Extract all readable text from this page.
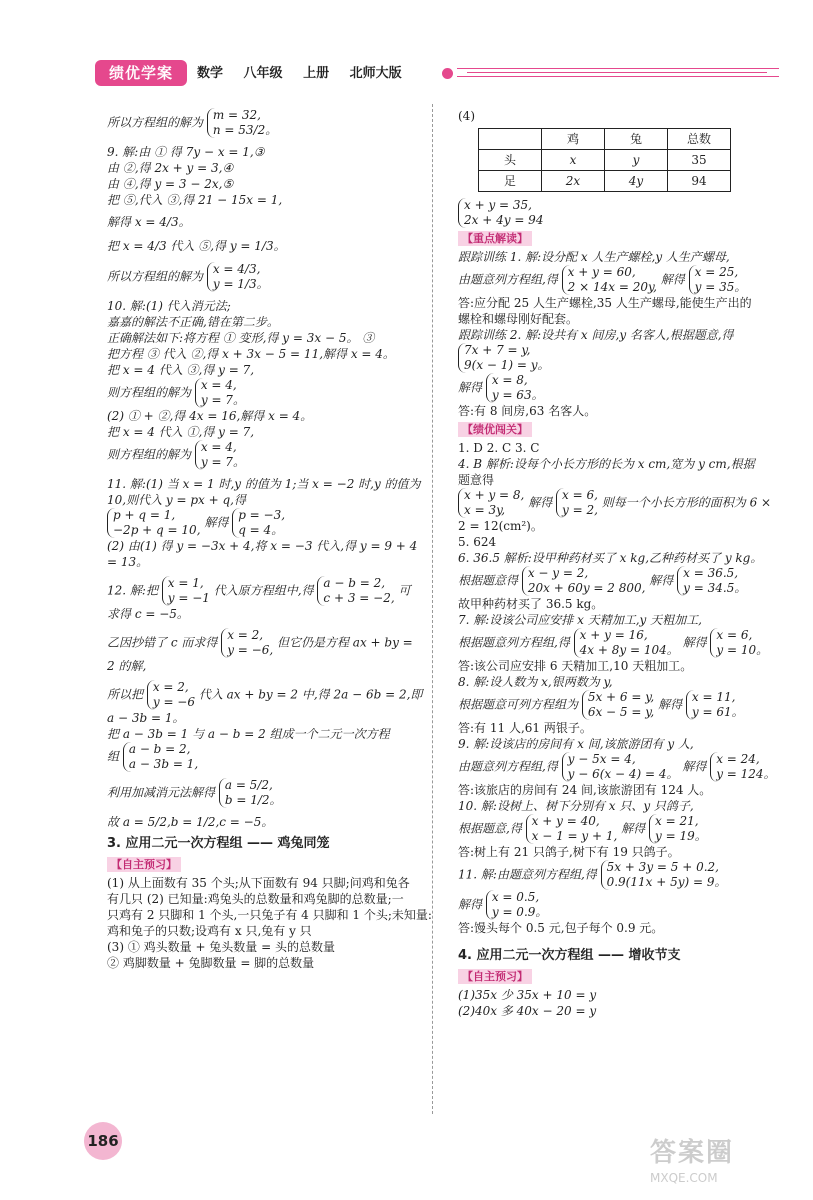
绩优学案	数学 八年级 上册 北师大版
所以方程组的解为
m = 32,
n = 53/2。
9. 解:由 ① 得 7y − x = 1,③
由 ②,得 2x + y = 3,④
由 ④,得 y = 3 − 2x,⑤
把 ⑤,代入 ③,得 21 − 15x = 1,
解得 x = 4/3。
把 x = 4/3 代入 ⑤,得 y = 1/3。
所以方程组的解为
x = 4/3,
y = 1/3。
10. 解:(1) 代入消元法;
嘉嘉的解法不正确,错在第二步。
正确解法如下:将方程 ① 变形,得 y = 3x − 5。 ③
把方程 ③ 代入 ②,得 x + 3x − 5 = 11,解得 x = 4。
把 x = 4 代入 ③,得 y = 7,
则方程组的解为
x = 4,
y = 7。
(2) ① + ②,得 4x = 16,解得 x = 4。
把 x = 4 代入 ①,得 y = 7,
则方程组的解为
x = 4,
y = 7。
11. 解:(1) 当 x = 1 时,y 的值为 1;当 x = −2 时,y 的值为
10,则代入 y = px + q,得
p + q = 1,
−2p + q = 10,
解得
p = −3,
q = 4。
(2) 由(1) 得 y = −3x + 4,将 x = −3 代入,得 y = 9 + 4
= 13。
12. 解:把
x = 1,
y = −1
代入原方程组中,得
a − b = 2,
c + 3 = −2,
可
求得 c = −5。
乙因抄错了 c 而求得
x = 2,
y = −6,
但它仍是方程 ax + by =
2 的解,
所以把
x = 2,
y = −6
代入 ax + by = 2 中,得 2a − 6b = 2,即
a − 3b = 1。
把 a − 3b = 1 与 a − b = 2 组成一个二元一次方程
组
a − b = 2,
a − 3b = 1,
利用加减消元法解得
a = 5/2,
b = 1/2。
故 a = 5/2,b = 1/2,c = −5。
3. 应用二元一次方程组 —— 鸡兔同笼
【自主预习】
(1) 从上面数有 35 个头;从下面数有 94 只脚;问鸡和兔各
有几只 (2) 已知量:鸡兔头的总数量和鸡兔脚的总数量;一
只鸡有 2 只脚和 1 个头,一只兔子有 4 只脚和 1 个头;未知量:
鸡和兔子的只数;设鸡有 x 只,兔有 y 只
(3) ① 鸡头数量 + 兔头数量 = 头的总数量
② 鸡脚数量 + 兔脚数量 = 脚的总数量
(4)
	鸡	兔	总数
头	x	y	35
足	2x	4y	94
x + y = 35,
2x + 4y = 94
【重点解读】
跟踪训练 1. 解:设分配 x 人生产螺栓,y 人生产螺母,
由题意列方程组,得
x + y = 60,
2 × 14x = 20y,
解得
x = 25,
y = 35。
答:应分配 25 人生产螺栓,35 人生产螺母,能使生产出的
螺栓和螺母刚好配套。
跟踪训练 2. 解:设共有 x 间房,y 名客人,根据题意,得
7x + 7 = y,
9(x − 1) = y。
解得
x = 8,
y = 63。
答:有 8 间房,63 名客人。
【绩优闯关】
1. D 2. C 3. C
4. B 解析:设每个小长方形的长为 x cm,宽为 y cm,根据
题意得
x + y = 8,
x = 3y,
解得
x = 6,
y = 2,
则每一个小长方形的面积为 6 ×
2 = 12(cm²)。
5. 624
6. 36.5 解析:设甲种药材买了 x kg,乙种药材买了 y kg。
根据题意得
x − y = 2,
20x + 60y = 2 800,
解得
x = 36.5,
y = 34.5。
故甲种药材买了 36.5 kg。
7. 解:设该公司应安排 x 天精加工,y 天粗加工,
根据题意列方程组,得
x + y = 16,
4x + 8y = 104。
解得
x = 6,
y = 10。
答:该公司应安排 6 天精加工,10 天粗加工。
8. 解:设人数为 x,银两数为 y,
根据题意可列方程组为
5x + 6 = y,
6x − 5 = y,
解得
x = 11,
y = 61。
答:有 11 人,61 两银子。
9. 解:设该店的房间有 x 间,该旅游团有 y 人,
由题意列方程组,得
y − 5x = 4,
y − 6(x − 4) = 4。
解得
x = 24,
y = 124。
答:该旅店的房间有 24 间,该旅游团有 124 人。
10. 解:设树上、树下分别有 x 只、y 只鸽子,
根据题意,得
x + y = 40,
x − 1 = y + 1,
解得
x = 21,
y = 19。
答:树上有 21 只鸽子,树下有 19 只鸽子。
11. 解:由题意列方程组,得
5x + 3y = 5 + 0.2,
0.9(11x + 5y) = 9。
解得
x = 0.5,
y = 0.9。
答:馒头每个 0.5 元,包子每个 0.9 元。
4. 应用二元一次方程组 —— 增收节支
【自主预习】
(1)35x 少 35x + 10 = y
(2)40x 多 40x − 20 = y
186	答案圈
MXQE.COM
